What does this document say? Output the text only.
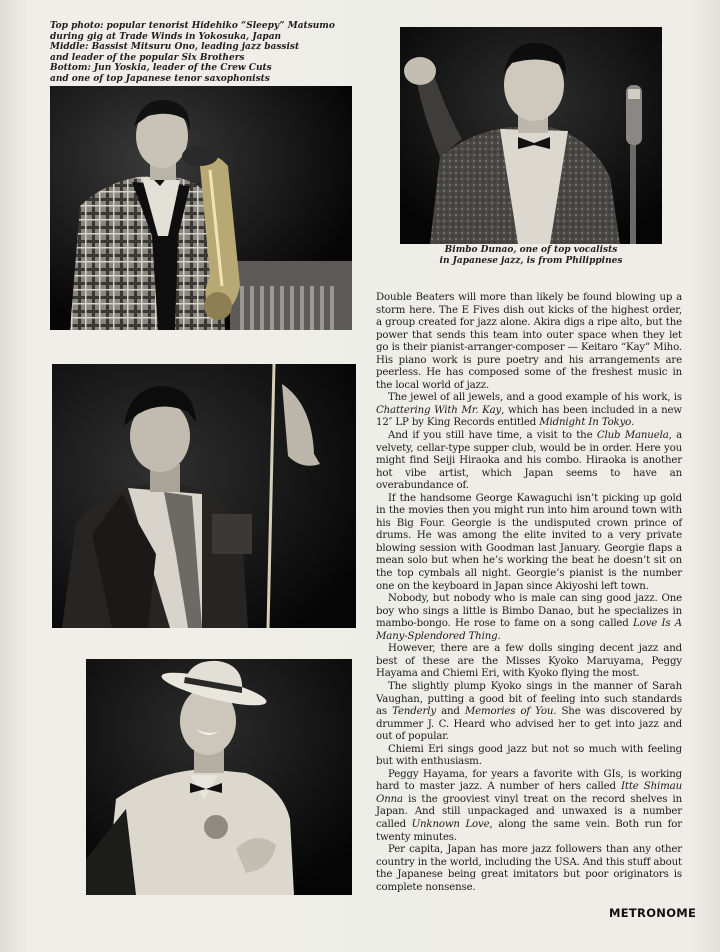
Top photo: popular tenorist Hidehiko “Sleepy” Matsumo
during gig at Trade Winds in Yokosuka, Japan
Middle: Bassist Mitsuru Ono, leading jazz bassist
and leader of the popular Six Brothers
Bottom: Jun Yoskia, leader of the Crew Cuts
and one of top Japanese tenor saxophonists
Bimbo Dunao, one of top vocalists
in Japanese jazz, is from Philippines

Double Beaters will more than likely be found blowing up a storm here. The E Fives dish out kicks of the highest order, a group created for jazz alone. Akira digs a ripe alto, but the power that sends this team into outer space when they let go is their pianist-arranger-composer — Keitaro “Kay” Miho. His piano work is pure poetry and his arrangements are peerless. He has composed some of the freshest music in the local world of jazz.

The jewel of all jewels, and a good example of his work, is Chattering With Mr. Kay, which has been included in a new 12″ LP by King Records entitled Midnight In Tokyo.

And if you still have time, a visit to the Club Manuela, a velvety, cellar-type supper club, would be in order. Here you might find Seiji Hiraoka and his combo. Hiraoka is another hot vibe artist, which Japan seems to have an overabundance of.

If the handsome George Kawaguchi isn’t picking up gold in the movies then you might run into him around town with his Big Four. Georgie is the undisputed crown prince of drums. He was among the elite invited to a very private blowing session with Goodman last January. Georgie flaps a mean solo but when he’s working the beat he doesn’t sit on the top cymbals all night. Georgie’s pianist is the number one on the keyboard in Japan since Akiyoshi left town.

Nobody, but nobody who is male can sing good jazz. One boy who sings a little is Bimbo Danao, but he specializes in mambo-bongo. He rose to fame on a song called Love Is A Many-Splendored Thing.

However, there are a few dolls singing decent jazz and best of these are the Misses Kyoko Maruyama, Peggy Hayama and Chiemi Eri, with Kyoko flying the most.

The slightly plump Kyoko sings in the manner of Sarah Vaughan, putting a good bit of feeling into such standards as Tenderly and Memories of You. She was discovered by drummer J. C. Heard who advised her to get into jazz and out of popular.

Chiemi Eri sings good jazz but not so much with feeling but with enthusiasm.

Peggy Hayama, for years a favorite with GIs, is working hard to master jazz. A number of hers called Itte Shimau Onna is the grooviest vinyl treat on the record shelves in Japan. And still unpackaged and unwaxed is a number called Unknown Love, along the same vein. Both run for twenty minutes.

Per capita, Japan has more jazz followers than any other country in the world, including the USA. And this stuff about the Japanese being great imitators but poor originators is complete nonsense.

METRONOME
